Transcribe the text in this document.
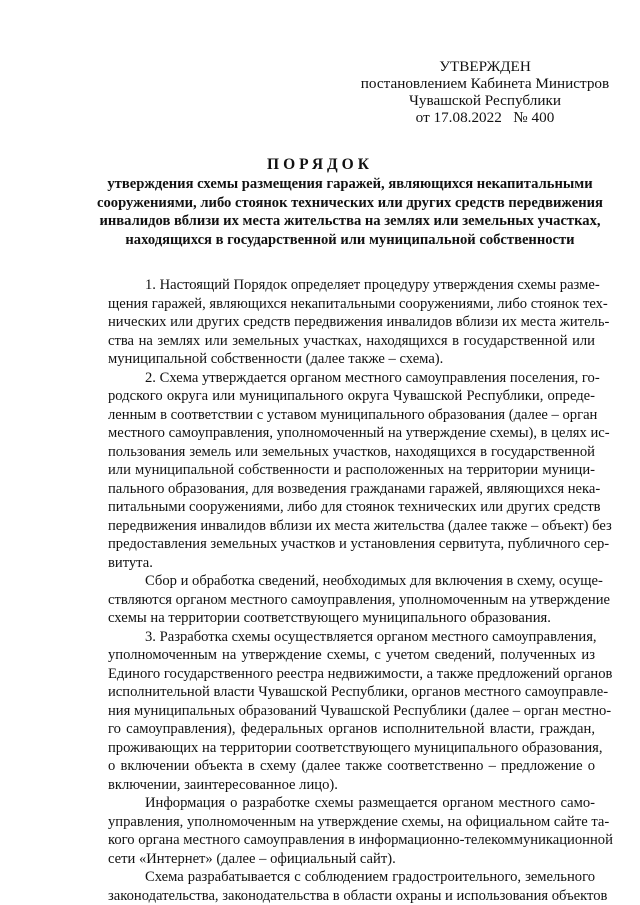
УТВЕРЖДЕН
постановлением Кабинета Министров
Чувашской Республики
от 17.08.2022   № 400
ПОРЯДОК
утверждения схемы размещения гаражей, являющихся некапитальными
сооружениями, либо стоянок технических или других средств передвижения
инвалидов вблизи их места жительства на землях или земельных участках,
находящихся в государственной или муниципальной собственности
1. Настоящий Порядок определяет процедуру утверждения схемы разме-
щения гаражей, являющихся некапитальными сооружениями, либо стоянок тех-
нических или других средств передвижения инвалидов вблизи их места житель-
ства на землях или земельных участках, находящихся в государственной или
муниципальной собственности (далее также – схема).
2. Схема утверждается органом местного самоуправления поселения, го-
родского округа или муниципального округа Чувашской Республики, опреде-
ленным в соответствии с уставом муниципального образования (далее – орган
местного самоуправления, уполномоченный на утверждение схемы), в целях ис-
пользования земель или земельных участков, находящихся в государственной
или муниципальной собственности и расположенных на территории муници-
пального образования, для возведения гражданами гаражей, являющихся нека-
питальными сооружениями, либо для стоянок технических или других средств
передвижения инвалидов вблизи их места жительства (далее также – объект) без
предоставления земельных участков и установления сервитута, публичного сер-
витута.
Сбор и обработка сведений, необходимых для включения в схему, осуще-
ствляются органом местного самоуправления, уполномоченным на утверждение
схемы на территории соответствующего муниципального образования.
3. Разработка схемы осуществляется органом местного самоуправления,
уполномоченным на утверждение схемы, с учетом сведений, полученных из
Единого государственного реестра недвижимости, а также предложений органов
исполнительной власти Чувашской Республики, органов местного самоуправле-
ния муниципальных образований Чувашской Республики (далее – орган местно-
го самоуправления), федеральных органов исполнительной власти, граждан,
проживающих на территории соответствующего муниципального образования,
о включении объекта в схему (далее также соответственно – предложение о
включении, заинтересованное лицо).
Информация о разработке схемы размещается органом местного само-
управления, уполномоченным на утверждение схемы, на официальном сайте та-
кого органа местного самоуправления в информационно-телекоммуникационной
сети «Интернет» (далее – официальный сайт).
Схема разрабатывается с соблюдением градостроительного, земельного
законодательства, законодательства в области охраны и использования объектов
